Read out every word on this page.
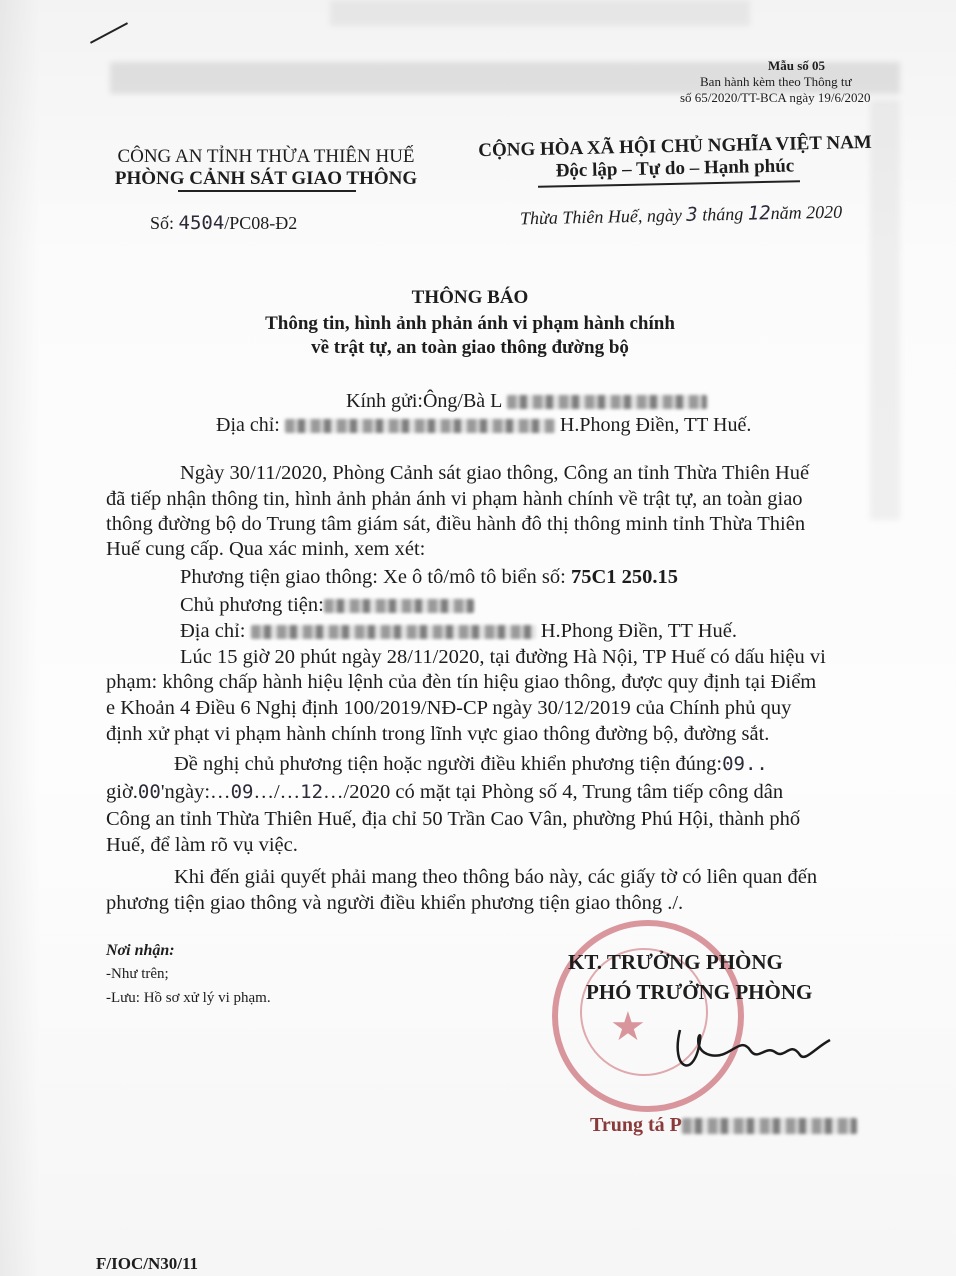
Mẫu số 05
Ban hành kèm theo Thông tư
số 65/2020/TT-BCA ngày 19/6/2020
CÔNG AN TỈNH THỪA THIÊN HUẾ
PHÒNG CẢNH SÁT GIAO THÔNG
Số: 4504/PC08-Đ2
CỘNG HÒA XÃ HỘI CHỦ NGHĨA VIỆT NAM
Độc lập – Tự do – Hạnh phúc
Thừa Thiên Huế, ngày 3 tháng 12năm 2020
THÔNG BÁO
Thông tin, hình ảnh phản ánh vi phạm hành chính
về trật tự, an toàn giao thông đường bộ
Kính gửi:Ông/Bà L
Địa chỉ:	H.Phong Điền, TT Huế.
Ngày 30/11/2020, Phòng Cảnh sát giao thông, Công an tỉnh Thừa Thiên Huế
đã tiếp nhận thông tin, hình ảnh phản ánh vi phạm hành chính về trật tự, an toàn giao
thông đường bộ do Trung tâm giám sát, điều hành đô thị thông minh tỉnh Thừa Thiên
Huế cung cấp. Qua xác minh, xem xét:
Phương tiện giao thông: Xe ô tô/mô tô biển số: 75C1 250.15
Chủ phương tiện:
Địa chỉ:	H.Phong Điền, TT Huế.
Lúc 15 giờ 20 phút ngày 28/11/2020, tại đường Hà Nội, TP Huế có dấu hiệu vi
phạm: không chấp hành hiệu lệnh của đèn tín hiệu giao thông, được quy định tại Điểm
e Khoản 4 Điều 6 Nghị định 100/2019/NĐ-CP ngày 30/12/2019 của Chính phủ quy
định xử phạt vi phạm hành chính trong lĩnh vực giao thông đường bộ, đường sắt.
Đề nghị chủ phương tiện hoặc người điều khiển phương tiện đúng:09..
giờ.00'ngày:…09…/…12…/2020 có mặt tại Phòng số 4, Trung tâm tiếp công dân
Công an tỉnh Thừa Thiên Huế, địa chỉ 50 Trần Cao Vân, phường Phú Hội, thành phố
Huế, để làm rõ vụ việc.
Khi đến giải quyết phải mang theo thông báo này, các giấy tờ có liên quan đến
phương tiện giao thông và người điều khiển phương tiện giao thông ./.
Nơi nhận:
-Như trên;
-Lưu: Hồ sơ xử lý vi phạm.
★
KT. TRƯỞNG PHÒNG
PHÓ TRƯỞNG PHÒNG
Trung tá P
F/IOC/N30/11
